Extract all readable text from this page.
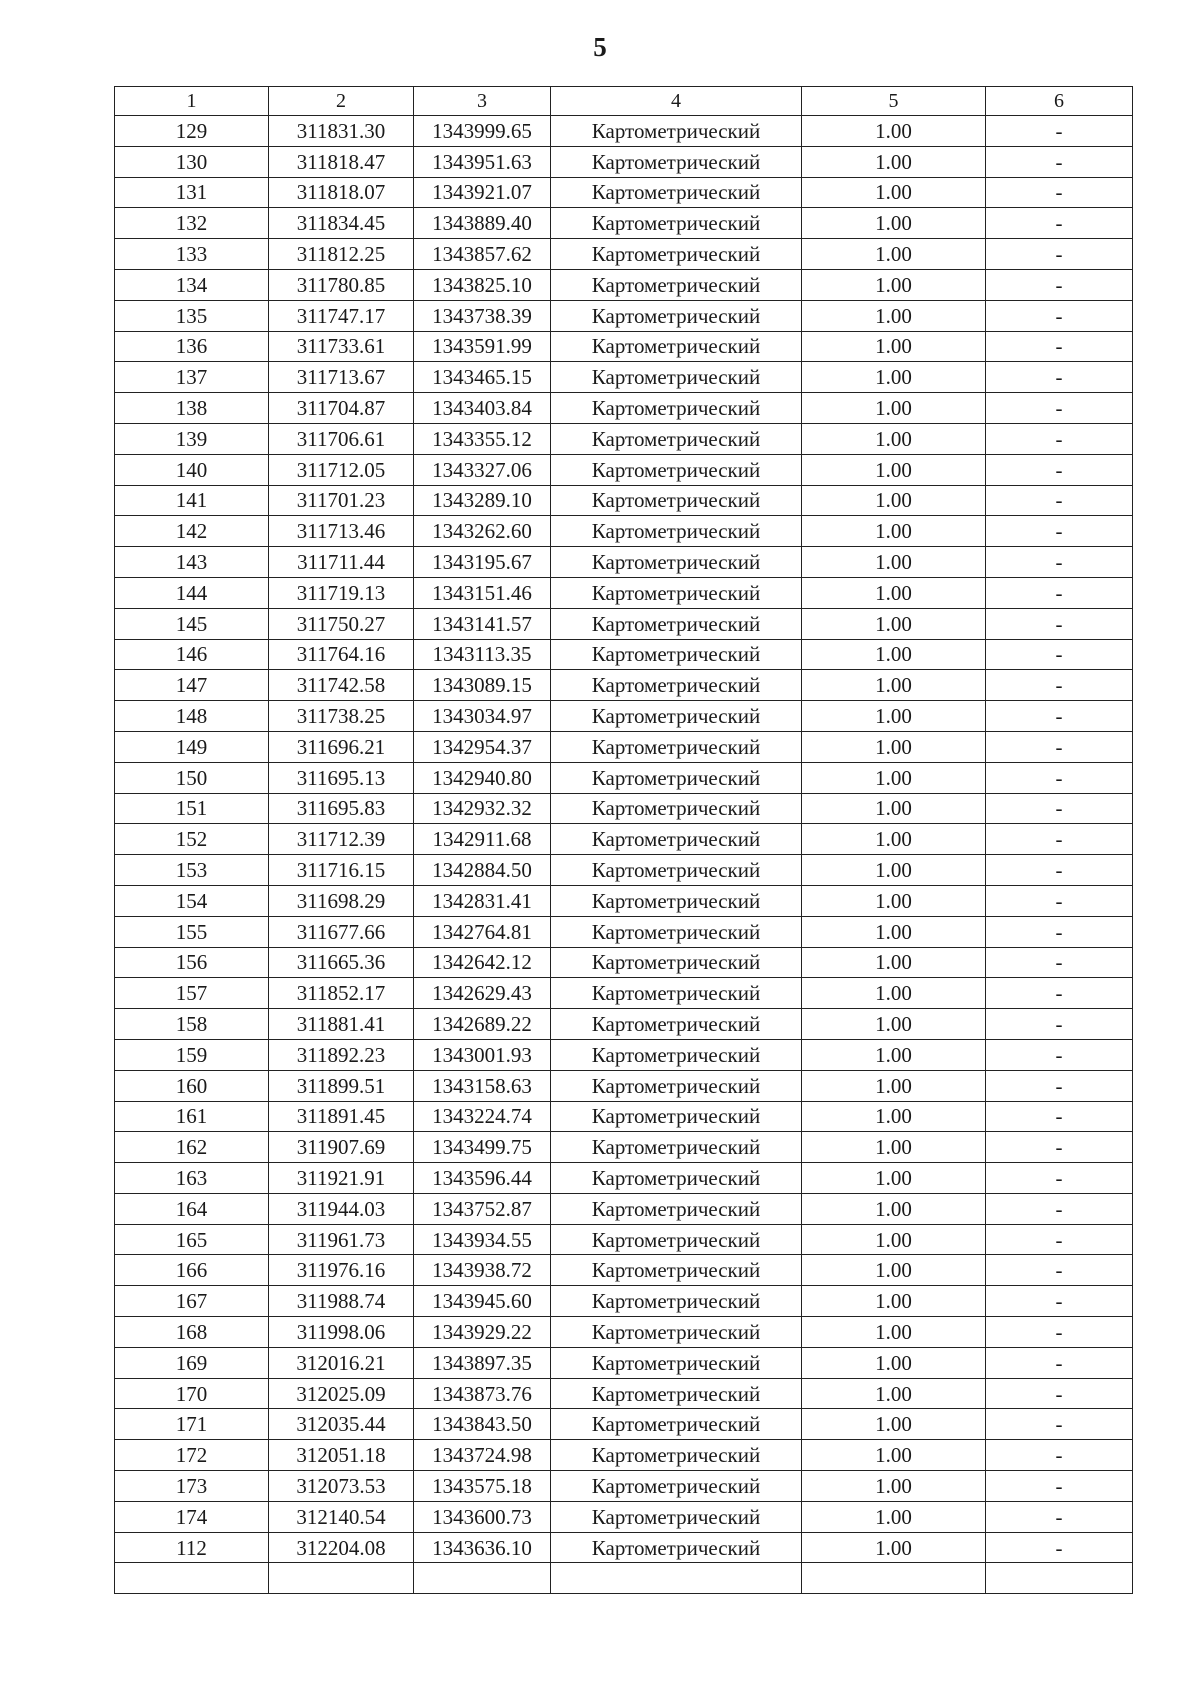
5
1	2	3	4	5	6
129	311831.30	1343999.65	Картометрический	1.00	-
130	311818.47	1343951.63	Картометрический	1.00	-
131	311818.07	1343921.07	Картометрический	1.00	-
132	311834.45	1343889.40	Картометрический	1.00	-
133	311812.25	1343857.62	Картометрический	1.00	-
134	311780.85	1343825.10	Картометрический	1.00	-
135	311747.17	1343738.39	Картометрический	1.00	-
136	311733.61	1343591.99	Картометрический	1.00	-
137	311713.67	1343465.15	Картометрический	1.00	-
138	311704.87	1343403.84	Картометрический	1.00	-
139	311706.61	1343355.12	Картометрический	1.00	-
140	311712.05	1343327.06	Картометрический	1.00	-
141	311701.23	1343289.10	Картометрический	1.00	-
142	311713.46	1343262.60	Картометрический	1.00	-
143	311711.44	1343195.67	Картометрический	1.00	-
144	311719.13	1343151.46	Картометрический	1.00	-
145	311750.27	1343141.57	Картометрический	1.00	-
146	311764.16	1343113.35	Картометрический	1.00	-
147	311742.58	1343089.15	Картометрический	1.00	-
148	311738.25	1343034.97	Картометрический	1.00	-
149	311696.21	1342954.37	Картометрический	1.00	-
150	311695.13	1342940.80	Картометрический	1.00	-
151	311695.83	1342932.32	Картометрический	1.00	-
152	311712.39	1342911.68	Картометрический	1.00	-
153	311716.15	1342884.50	Картометрический	1.00	-
154	311698.29	1342831.41	Картометрический	1.00	-
155	311677.66	1342764.81	Картометрический	1.00	-
156	311665.36	1342642.12	Картометрический	1.00	-
157	311852.17	1342629.43	Картометрический	1.00	-
158	311881.41	1342689.22	Картометрический	1.00	-
159	311892.23	1343001.93	Картометрический	1.00	-
160	311899.51	1343158.63	Картометрический	1.00	-
161	311891.45	1343224.74	Картометрический	1.00	-
162	311907.69	1343499.75	Картометрический	1.00	-
163	311921.91	1343596.44	Картометрический	1.00	-
164	311944.03	1343752.87	Картометрический	1.00	-
165	311961.73	1343934.55	Картометрический	1.00	-
166	311976.16	1343938.72	Картометрический	1.00	-
167	311988.74	1343945.60	Картометрический	1.00	-
168	311998.06	1343929.22	Картометрический	1.00	-
169	312016.21	1343897.35	Картометрический	1.00	-
170	312025.09	1343873.76	Картометрический	1.00	-
171	312035.44	1343843.50	Картометрический	1.00	-
172	312051.18	1343724.98	Картометрический	1.00	-
173	312073.53	1343575.18	Картометрический	1.00	-
174	312140.54	1343600.73	Картометрический	1.00	-
112	312204.08	1343636.10	Картометрический	1.00	-
